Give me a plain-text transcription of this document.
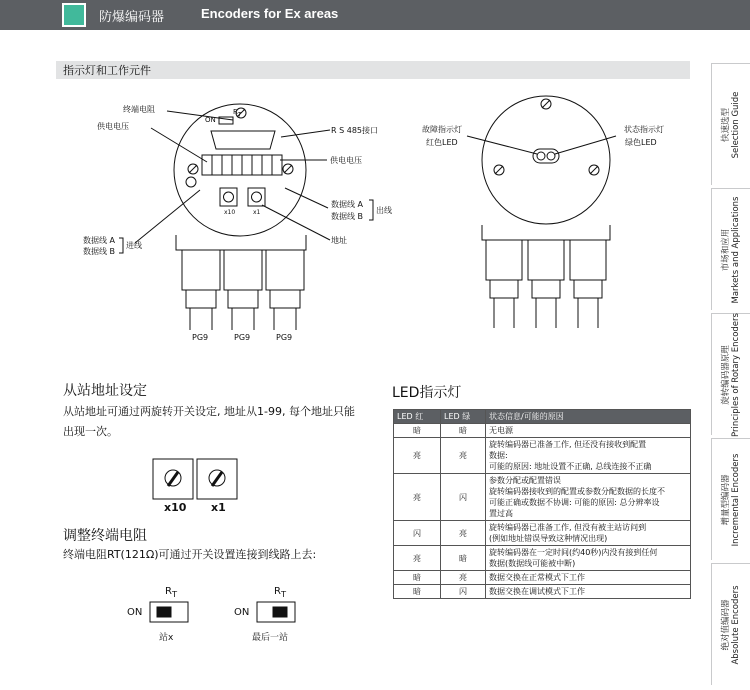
防爆编码器	Encoders for Ex areas
指示灯和工作元件
快速选型 Selection Guide
市场和应用 Markets and Applications
旋转编码器原理 Principles of Rotary Encoders
增量型编码器 Incremental Encoders
绝对值编码器 Absolute Encoders
终端电阻	$R_T$
ON
R S 485接口
供电电压
供电电压
数据线 A
数据线 B
出线
地址
数据线 A
数据线 B
进线
x10	x1
PG9	PG9	PG9
故障指示灯
红色LED
状态指示灯
绿色LED
从站地址设定
从站地址可通过两旋转开关设定, 地址从1-99, 每个地址只能
出现一次。
x10 x1
调整终端电阻
终端电阻RT(121Ω)可通过开关设置连接到线路上去:
$R_T$	$R_T$
ON	ON
站x	最后一站
LED指示灯
LED 红	LED 绿	状态信息/可能的原因
暗	暗	无电源

亮	亮	旋转编码器已准备工作, 但还没有接收到配置
数据:
可能的原因: 地址设置不正确, 总线连接不正确

亮	闪	参数分配或配置错误
旋转编码器接收到的配置或参数分配数据的长度不
可能正确或数据不协调: 可能的原因: 总分辨率设
置过高

闪	亮	旋转编码器已准备工作, 但没有被主站访问到
(例如地址错误导致这种情况出现)

亮	暗	旋转编码器在一定时间(约40秒)内没有接到任何
数据(数据线可能被中断)

暗	亮	数据交换在正常模式下工作

暗	闪	数据交换在调试模式下工作
